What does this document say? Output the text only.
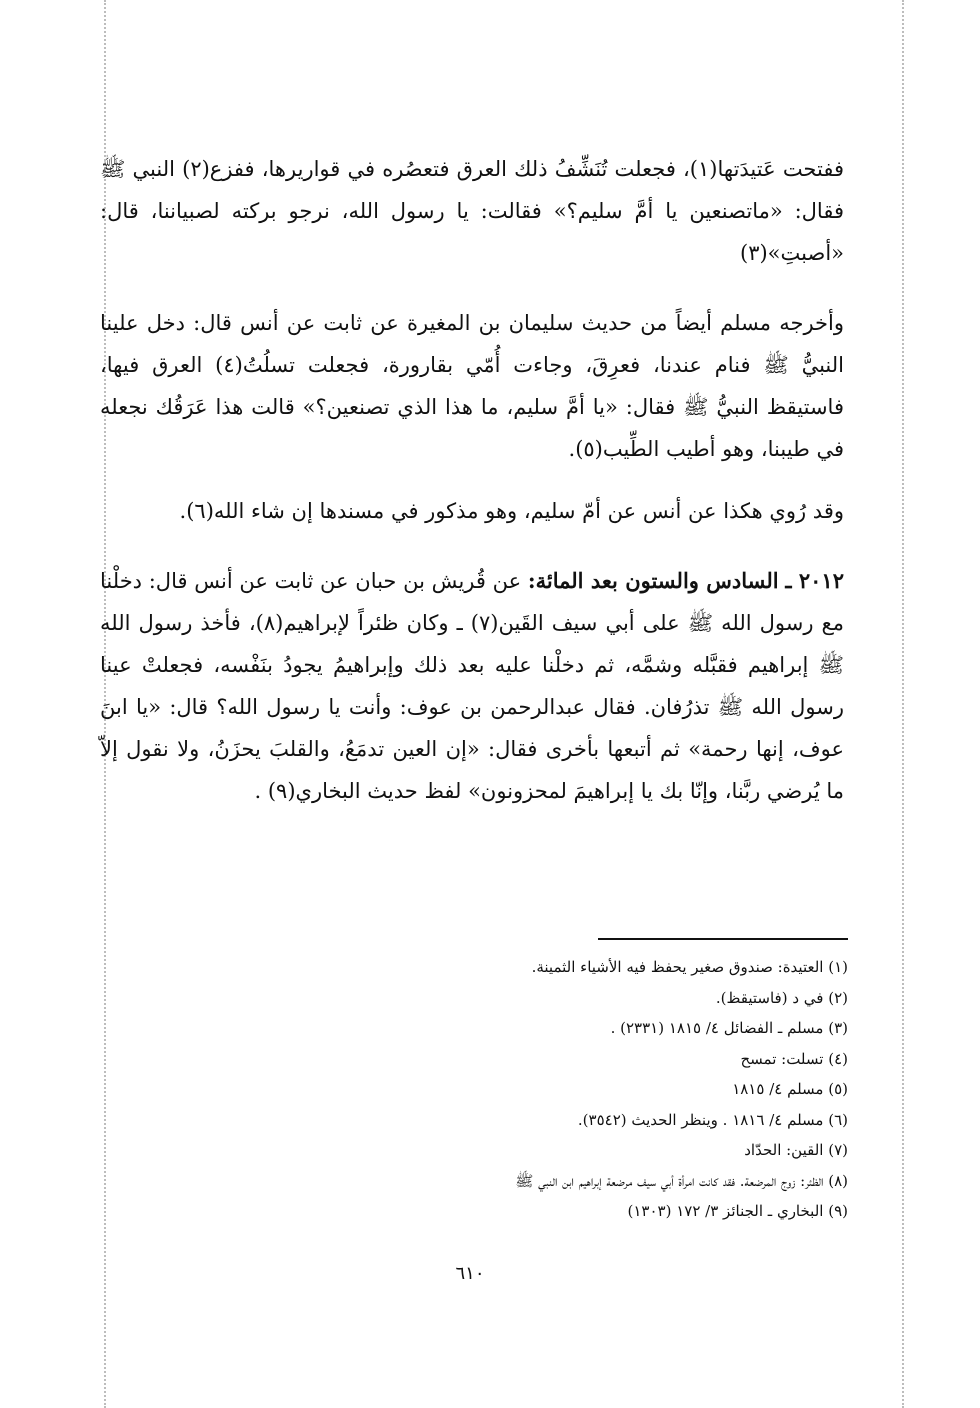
ففتحت عَتيدَتها(١)، فجعلت تُنَشِّفُ ذلك العرق فتعصُره في قواريرها، ففزع(٢) النبي ﷺ فقال: «ماتصنعين يا أمَّ سليم؟» فقالت: يا رسول الله، نرجو بركته لصبياننا، قال: «أصبتِ»(٣)

وأخرجه مسلم أيضاً من حديث سليمان بن المغيرة عن ثابت عن أنس قال: دخل علينا النبيُّ ﷺ فنام عندنا، فعرِقَ، وجاءت أُمّي بقارورة، فجعلت تسلُتُ(٤) العرق فيها، فاستيقظ النبيُّ ﷺ فقال: «يا أمَّ سليم، ما هذا الذي تصنعين؟» قالت هذا عَرَقُك نجعله في طيبنا، وهو أطيب الطِّيب(٥).

وقد رُوي هكذا عن أنس عن أمّ سليم، وهو مذكور في مسندها إن شاء الله(٦).

٢٠١٢ ـ السادس والستون بعد المائة: عن قُريش بن حبان عن ثابت عن أنس قال: دخلْنا مع رسول الله ﷺ على أبي سيف القَين(٧) ـ وكان ظئراً لإبراهيم(٨)، فأخذ رسول الله ﷺ إبراهيم فقبَّله وشمَّه، ثم دخلْنا عليه بعد ذلك وإبراهيمُ يجودُ بنَفْسه، فجعلتْ عينا رسول الله ﷺ تذرُفان. فقال عبدالرحمن بن عوف: وأنت يا رسول الله؟ قال: «يا ابنَ عوف، إنها رحمة» ثم أتبعها بأخرى فقال: «إن العين تدمَعُ، والقلبَ يحزَنُ، ولا نقول إلاّ ما يُرضي ربَّنا، وإنّا بك يا إبراهيمَ لمحزونون» لفظ حديث البخاري(٩) .

(١) العتيدة: صندوق صغير يحفظ فيه الأشياء الثمينة.
(٢) في د (فاستيقظ).
(٣) مسلم ـ الفضائل ٤/ ١٨١٥ (٢٣٣١) .
(٤) تسلت: تمسح
(٥) مسلم ٤/ ١٨١٥
(٦) مسلم ٤/ ١٨١٦ . وينظر الحديث (٣٥٤٢).
(٧) القين: الحدّاد
(٨) الظئر: زوج المرضعة. فقد كانت امرأة أبي سيف مرضعة إبراهيم ابن النبي ﷺ
(٩) البخاري ـ الجنائز ٣/ ١٧٢ (١٣٠٣)
٦١٠
